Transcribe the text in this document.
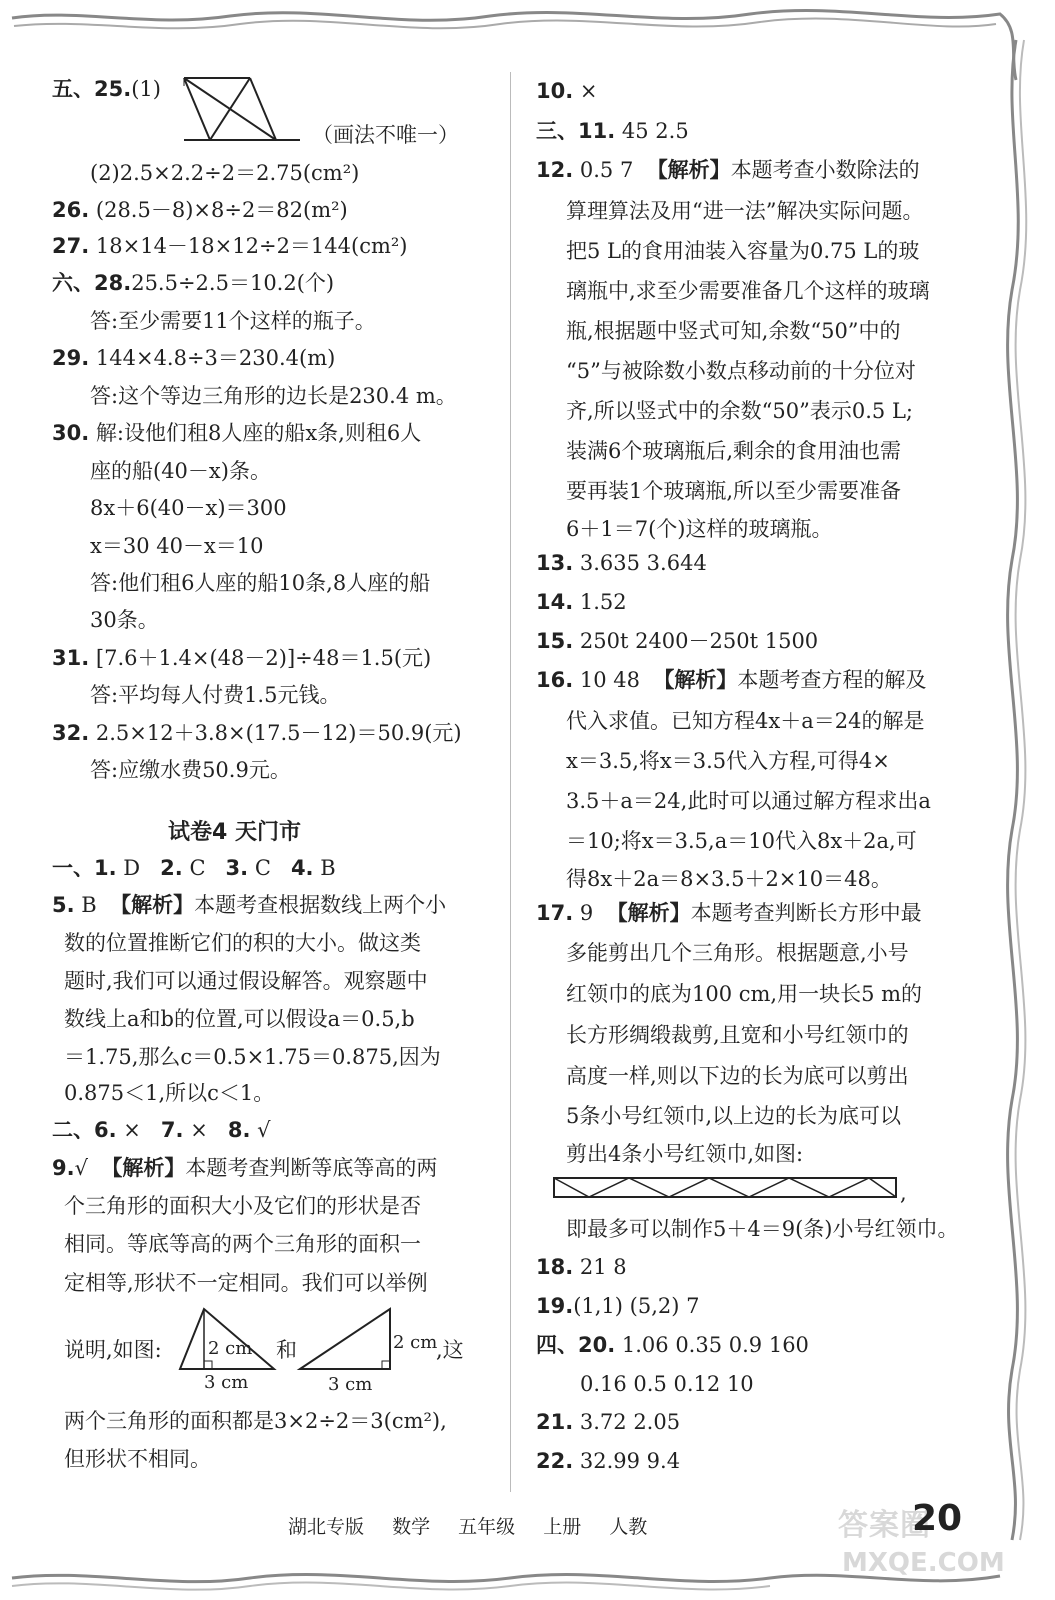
五、25.(1)
（画法不唯一）
(2)2.5×2.2÷2＝2.75(cm²)
26. (28.5－8)×8÷2＝82(m²)
27. 18×14－18×12÷2＝144(cm²)
六、28.25.5÷2.5＝10.2(个)
答:至少需要11个这样的瓶子。
29. 144×4.8÷3＝230.4(m)
答:这个等边三角形的边长是230.4 m。
30. 解:设他们租8人座的船x条,则租6人
座的船(40－x)条。
8x＋6(40－x)＝300
x＝30 40－x＝10
答:他们租6人座的船10条,8人座的船
30条。
31. [7.6＋1.4×(48－2)]÷48＝1.5(元)
答:平均每人付费1.5元钱。
32. 2.5×12＋3.8×(17.5－12)＝50.9(元)
答:应缴水费50.9元。
试卷4 天门市
一、1. D 2. C 3. C 4. B
5. B 【解析】本题考查根据数线上两个小
数的位置推断它们的积的大小。做这类
题时,我们可以通过假设解答。观察题中
数线上a和b的位置,可以假设a＝0.5,b
＝1.75,那么c＝0.5×1.75＝0.875,因为
0.875＜1,所以c＜1。
二、6. × 7. × 8. √
9.√ 【解析】本题考查判断等底等高的两
个三角形的面积大小及它们的形状是否
相同。等底等高的两个三角形的面积一
定相等,形状不一定相同。我们可以举例
说明,如图:	2 cm 和	2 cm
,这
3 cm	3 cm
两个三角形的面积都是3×2÷2＝3(cm²),
但形状不相同。
10. ×
三、11. 45 2.5
12. 0.5 7 【解析】本题考查小数除法的
算理算法及用“进一法”解决实际问题。
把5 L的食用油装入容量为0.75 L的玻
璃瓶中,求至少需要准备几个这样的玻璃
瓶,根据题中竖式可知,余数“50”中的
“5”与被除数小数点移动前的十分位对
齐,所以竖式中的余数“50”表示0.5 L;
装满6个玻璃瓶后,剩余的食用油也需
要再装1个玻璃瓶,所以至少需要准备
6＋1＝7(个)这样的玻璃瓶。
13. 3.635 3.644
14. 1.52
15. 250t 2400－250t 1500
16. 10 48 【解析】本题考查方程的解及
代入求值。已知方程4x＋a＝24的解是
x＝3.5,将x＝3.5代入方程,可得4×
3.5＋a＝24,此时可以通过解方程求出a
＝10;将x＝3.5,a＝10代入8x＋2a,可
得8x＋2a＝8×3.5＋2×10＝48。
17. 9 【解析】本题考查判断长方形中最
多能剪出几个三角形。根据题意,小号
红领巾的底为100 cm,用一块长5 m的
长方形绸缎裁剪,且宽和小号红领巾的
高度一样,则以下边的长为底可以剪出
5条小号红领巾,以上边的长为底可以
剪出4条小号红领巾,如图:
,
即最多可以制作5＋4＝9(条)小号红领巾。
18. 21 8
19.(1,1) (5,2) 7
四、20. 1.06 0.35 0.9 160
0.16 0.5 0.12 10
21. 3.72 2.05
22. 32.99 9.4
湖北专版 数学 五年级 上册 人教	答案圈
MXQE.COM
20
